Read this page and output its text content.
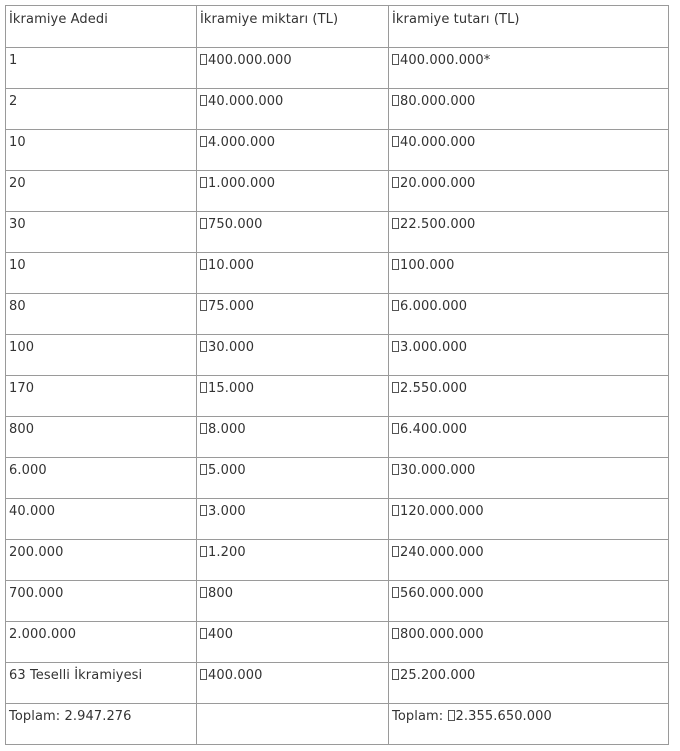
İkramiye Adedi	İkramiye miktarı (TL)	İkramiye tutarı (TL)
1	400.000.000	400.000.000*
2	40.000.000	80.000.000
10	4.000.000	40.000.000
20	1.000.000	20.000.000
30	750.000	22.500.000
10	10.000	100.000
80	75.000	6.000.000
100	30.000	3.000.000
170	15.000	2.550.000
800	8.000	6.400.000
6.000	5.000	30.000.000
40.000	3.000	120.000.000
200.000	1.200	240.000.000
700.000	800	560.000.000
2.000.000	400	800.000.000
63 Teselli İkramiyesi	400.000	25.200.000
Toplam: 2.947.276		Toplam: 2.355.650.000
